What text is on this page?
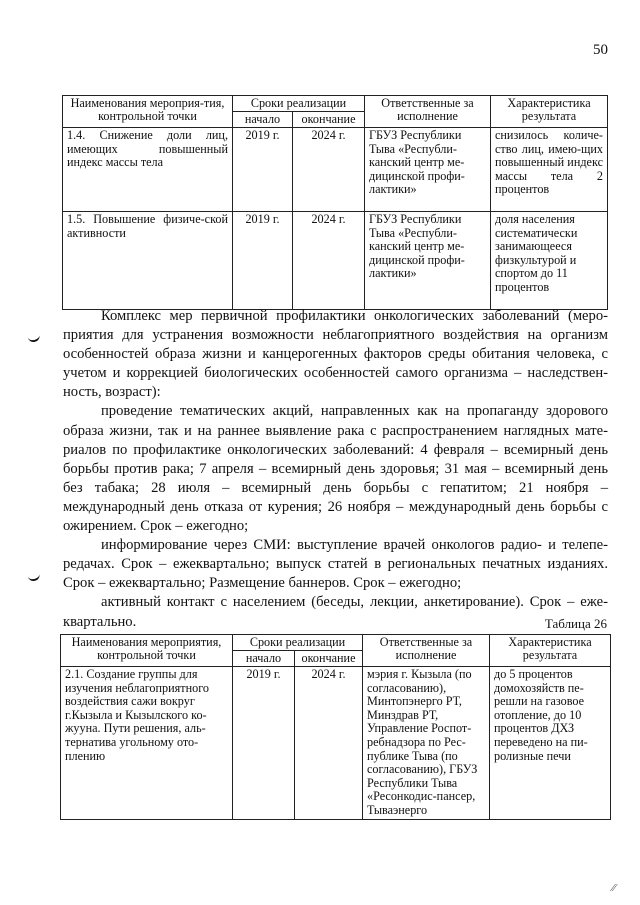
50
Наименования мероприя-тия, контрольной точки	Сроки реализации		Ответственные за исполнение	Характеристика результата
	начало	окончание		
1.4. Снижение доли лиц, имеющих повышенный индекс массы тела	2019 г.	2024 г.	ГБУЗ Республики Тыва «Республи-канский центр ме-дицинской профи-лактики»	снизилось количе-ство лиц, имею-щих повышенный индекс массы тела 2 процентов
1.5. Повышение физиче-ской активности	2019 г.	2024 г.	ГБУЗ Республики Тыва «Республи-канский центр ме-дицинской профи-лактики»	доля населения систематически занимающееся физкультурой и спортом до 11 процентов

Комплекс мер первичной профилактики онкологических заболеваний (меро-приятия для устранения возможности неблагоприятного воздействия на организм особенностей образа жизни и канцерогенных факторов среды обитания человека, с учетом и коррекцией биологических особенностей самого организма – наследствен-ность, возраст):

проведение тематических акций, направленных как на пропаганду здорового образа жизни, так и на раннее выявление рака с распространением наглядных мате-риалов по профилактике онкологических заболеваний: 4 февраля – всемирный день борьбы против рака; 7 апреля – всемирный день здоровья; 31 мая – всемирный день без табака; 28 июля – всемирный день борьбы с гепатитом; 21 ноября – международный день отказа от курения; 26 ноября – международный день борьбы с ожирением. Срок – ежегодно;

информирование через СМИ: выступление врачей онкологов радио- и телепе-редачах. Срок – ежеквартально; выпуск статей в региональных печатных изданиях. Срок – ежеквартально; Размещение баннеров. Срок – ежегодно;

активный контакт с населением (беседы, лекции, анкетирование). Срок – еже-квартально.	Таблица 26
Наименования мероприятия, контрольной точки	Сроки реализации		Ответственные за исполнение	Характеристика результата
	начало	окончание		
2.1. Создание группы для изучения неблагоприятного воздействия сажи вокруг г.Кызыла и Кызылского ко-жууна. Пути решения, аль-тернатива угольному ото-плению	2019 г.	2024 г.	мэрия г. Кызыла (по согласованию), Минтопэнерго РТ, Минздрав РТ, Управление Роспот-ребнадзора по Рес-публике Тыва (по согласованию), ГБУЗ Республики Тыва «Ресонкодис-пансер, Тываэнерго	до 5 процентов домохозяйств пе-решли на газовое отопление, до 10 процентов ДХЗ переведено на пи-ролизные печи
⁄⁄
